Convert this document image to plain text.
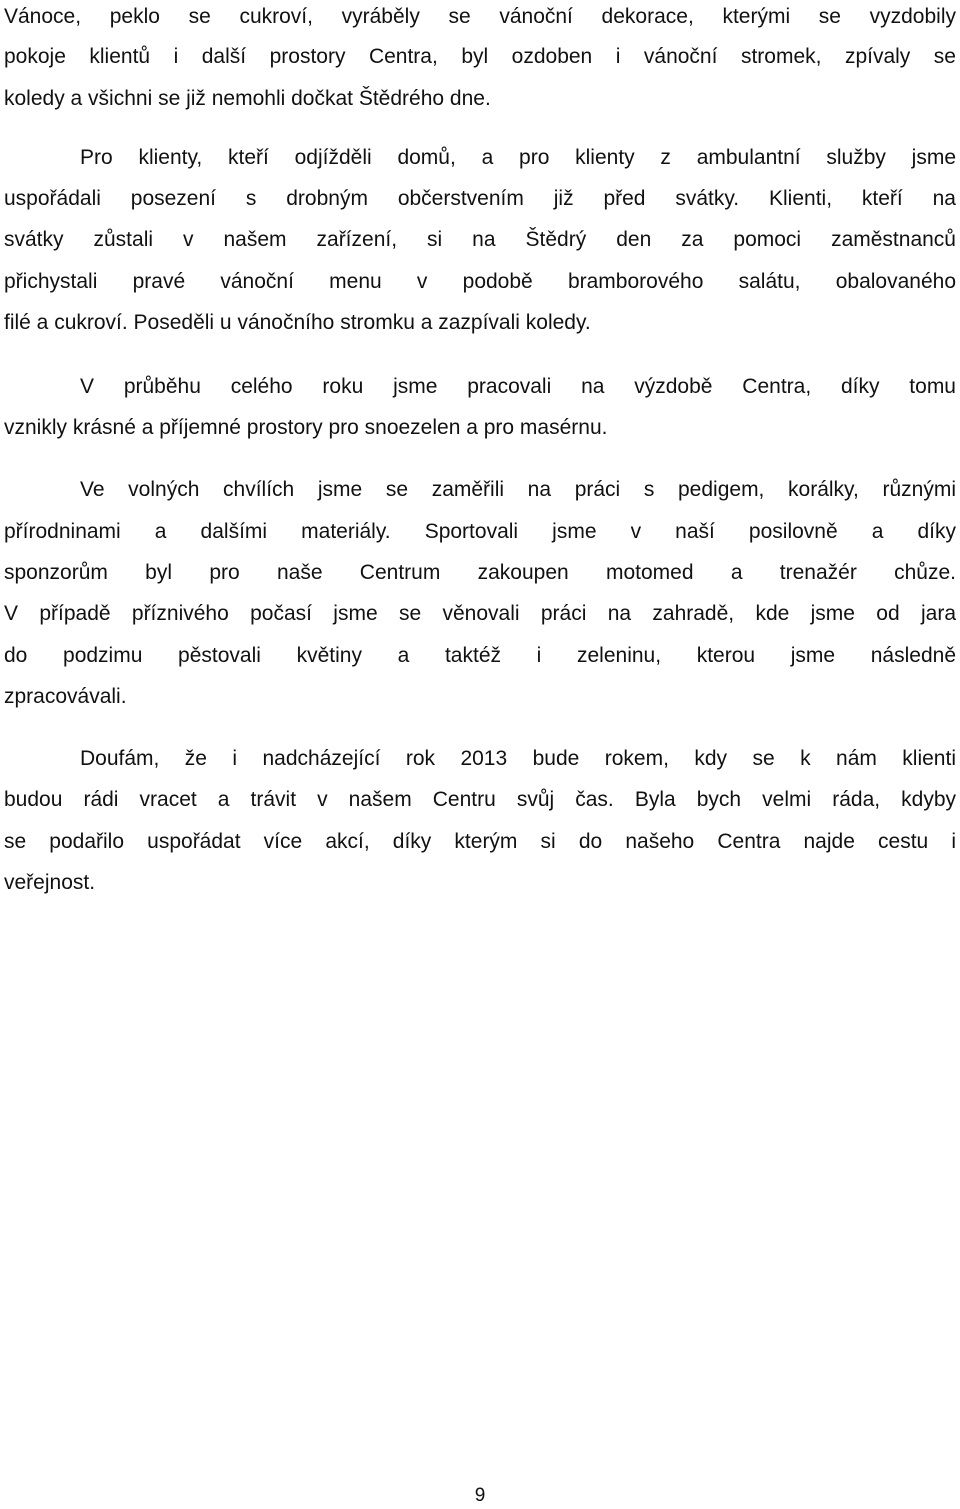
Vánoce, peklo se cukroví, vyráběly se vánoční dekorace, kterými se vyzdobily
pokoje klientů i další prostory Centra, byl ozdoben i vánoční stromek, zpívaly se
koledy a všichni se již nemohli dočkat Štědrého dne.
Pro klienty, kteří odjížděli domů, a pro klienty z ambulantní služby jsme
uspořádali posezení s drobným občerstvením již před svátky. Klienti, kteří na
svátky zůstali v našem zařízení, si na Štědrý den za pomoci zaměstnanců
přichystali pravé vánoční menu v podobě bramborového salátu, obalovaného
filé a cukroví. Poseděli u vánočního stromku a zazpívali koledy.
V průběhu celého roku jsme pracovali na výzdobě Centra, díky tomu
vznikly krásné a příjemné prostory pro snoezelen a pro masérnu.
Ve volných chvílích jsme se zaměřili na práci s pedigem, korálky, různými
přírodninami a dalšími materiály. Sportovali jsme v naší posilovně a díky
sponzorům byl pro naše Centrum zakoupen motomed a trenažér chůze.
V případě příznivého počasí jsme se věnovali práci na zahradě, kde jsme od jara
do podzimu pěstovali květiny a taktéž i zeleninu, kterou jsme následně
zpracovávali.
Doufám, že i nadcházející rok 2013 bude rokem, kdy se k nám klienti
budou rádi vracet a trávit v našem Centru svůj čas. Byla bych velmi ráda, kdyby
se podařilo uspořádat více akcí, díky kterým si do našeho Centra najde cestu i
veřejnost.
9
